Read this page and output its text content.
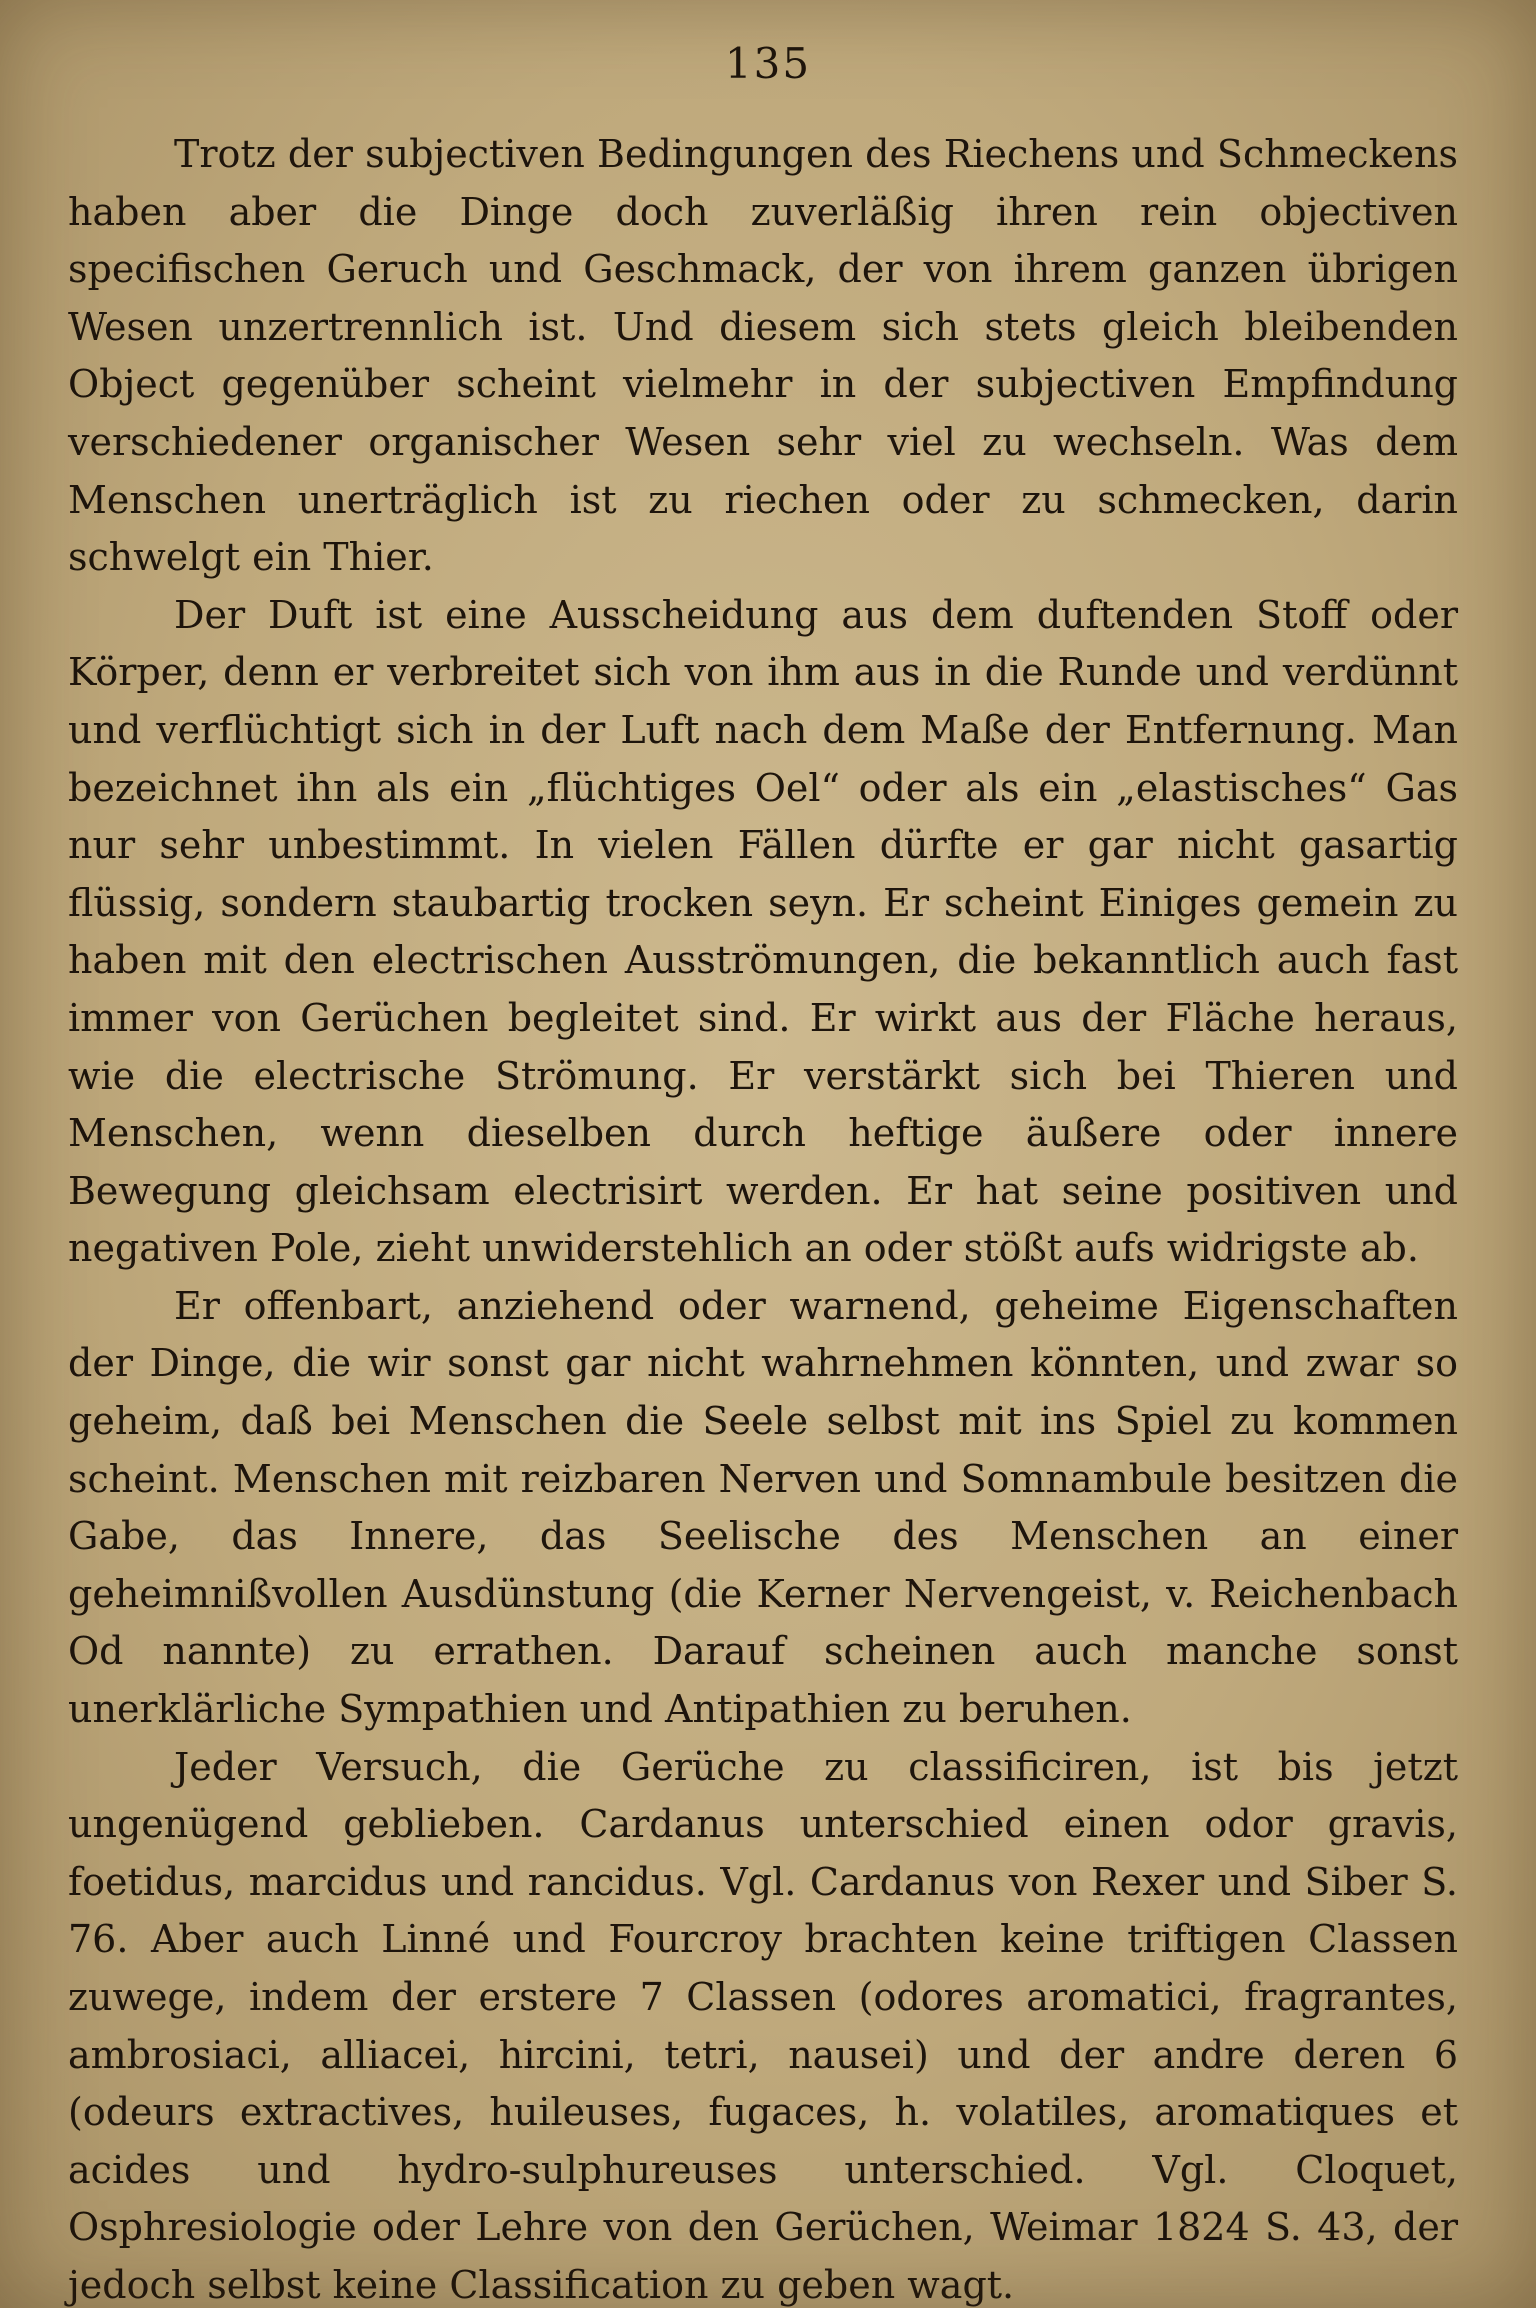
135

Trotz der subjectiven Bedingungen des Riechens und Schmeckens haben aber die Dinge doch zuverläßig ihren rein objectiven specifischen Geruch und Geschmack, der von ihrem ganzen übrigen Wesen unzertrennlich ist. Und diesem sich stets gleich bleibenden Object gegenüber scheint vielmehr in der subjectiven Empfindung verschiedener organischer Wesen sehr viel zu wechseln. Was dem Menschen unerträglich ist zu riechen oder zu schmecken, darin schwelgt ein Thier.

Der Duft ist eine Ausscheidung aus dem duftenden Stoff oder Körper, denn er verbreitet sich von ihm aus in die Runde und verdünnt und verflüchtigt sich in der Luft nach dem Maße der Entfernung. Man bezeichnet ihn als ein „flüchtiges Oel“ oder als ein „elastisches“ Gas nur sehr unbestimmt. In vielen Fällen dürfte er gar nicht gasartig flüssig, sondern staubartig trocken seyn. Er scheint Einiges gemein zu haben mit den electrischen Ausströmungen, die bekanntlich auch fast immer von Gerüchen begleitet sind. Er wirkt aus der Fläche heraus, wie die electrische Strömung. Er verstärkt sich bei Thieren und Menschen, wenn dieselben durch heftige äußere oder innere Bewegung gleichsam electrisirt werden. Er hat seine positiven und negativen Pole, zieht unwiderstehlich an oder stößt aufs widrigste ab.

Er offenbart, anziehend oder warnend, geheime Eigenschaften der Dinge, die wir sonst gar nicht wahrnehmen könnten, und zwar so geheim, daß bei Menschen die Seele selbst mit ins Spiel zu kommen scheint. Menschen mit reizbaren Nerven und Somnambule besitzen die Gabe, das Innere, das Seelische des Menschen an einer geheimnißvollen Ausdünstung (die Kerner Nervengeist, v. Reichenbach Od nannte) zu errathen. Darauf scheinen auch manche sonst unerklärliche Sympathien und Antipathien zu beruhen.

Jeder Versuch, die Gerüche zu classificiren, ist bis jetzt ungenügend geblieben. Cardanus unterschied einen odor gravis, foetidus, marcidus und rancidus. Vgl. Cardanus von Rexer und Siber S. 76. Aber auch Linné und Fourcroy brachten keine triftigen Classen zuwege, indem der erstere 7 Classen (odores aromatici, fragrantes, ambrosiaci, alliacei, hircini, tetri, nausei) und der andre deren 6 (odeurs extractives, huileuses, fugaces, h. volatiles, aromatiques et acides und hydro-sulphureuses unterschied. Vgl. Cloquet, Osphresiologie oder Lehre von den Gerüchen, Weimar 1824 S. 43, der jedoch selbst keine Classification zu geben wagt.
